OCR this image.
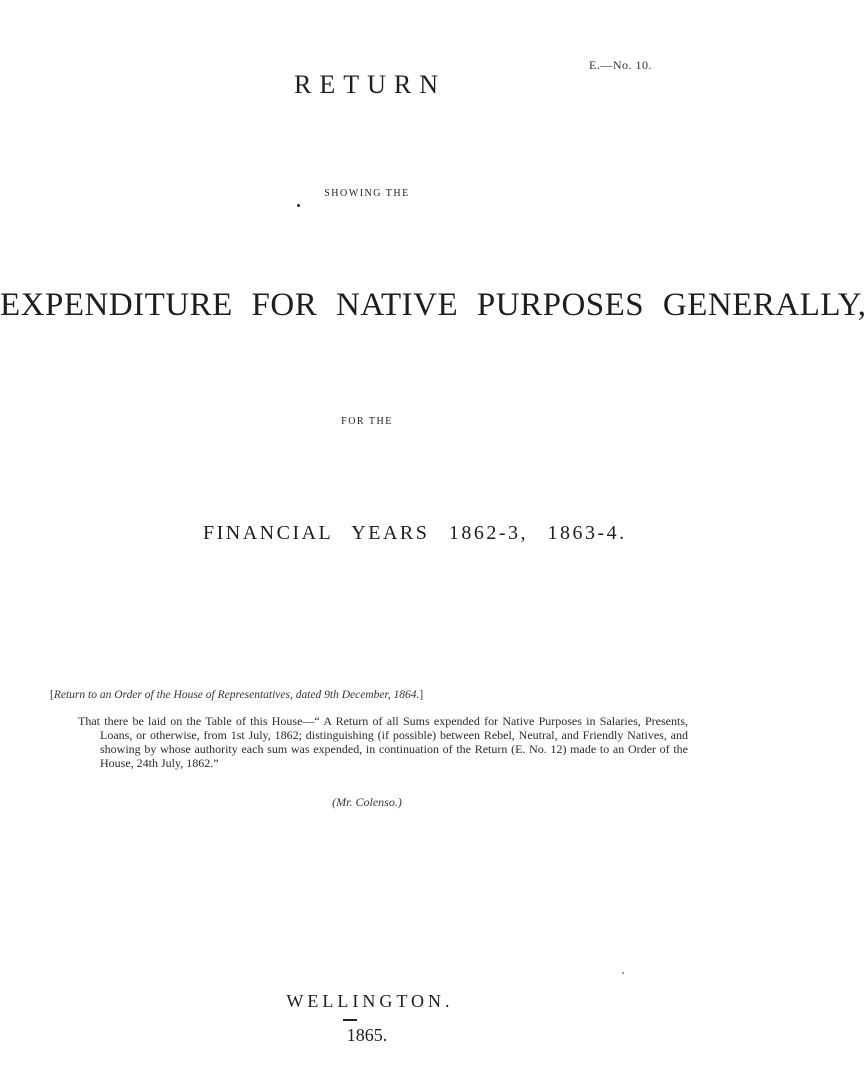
E.—No. 10.
RETURN
SHOWING THE
EXPENDITURE FOR NATIVE PURPOSES GENERALLY,
FOR THE
FINANCIAL YEARS 1862-3, 1863-4.
[Return to an Order of the House of Representatives, dated 9th December, 1864.]
That there be laid on the Table of this House—“ A Return of all Sums expended for Native Purposes in Salaries, Presents, Loans, or otherwise, from 1st July, 1862; distinguishing (if possible) between Rebel, Neutral, and Friendly Natives, and showing by whose authority each sum was expended, in continuation of the Return (E. No. 12) made to an Order of the House, 24th July, 1862.”
(Mr. Colenso.)
WELLINGTON.
1865.
